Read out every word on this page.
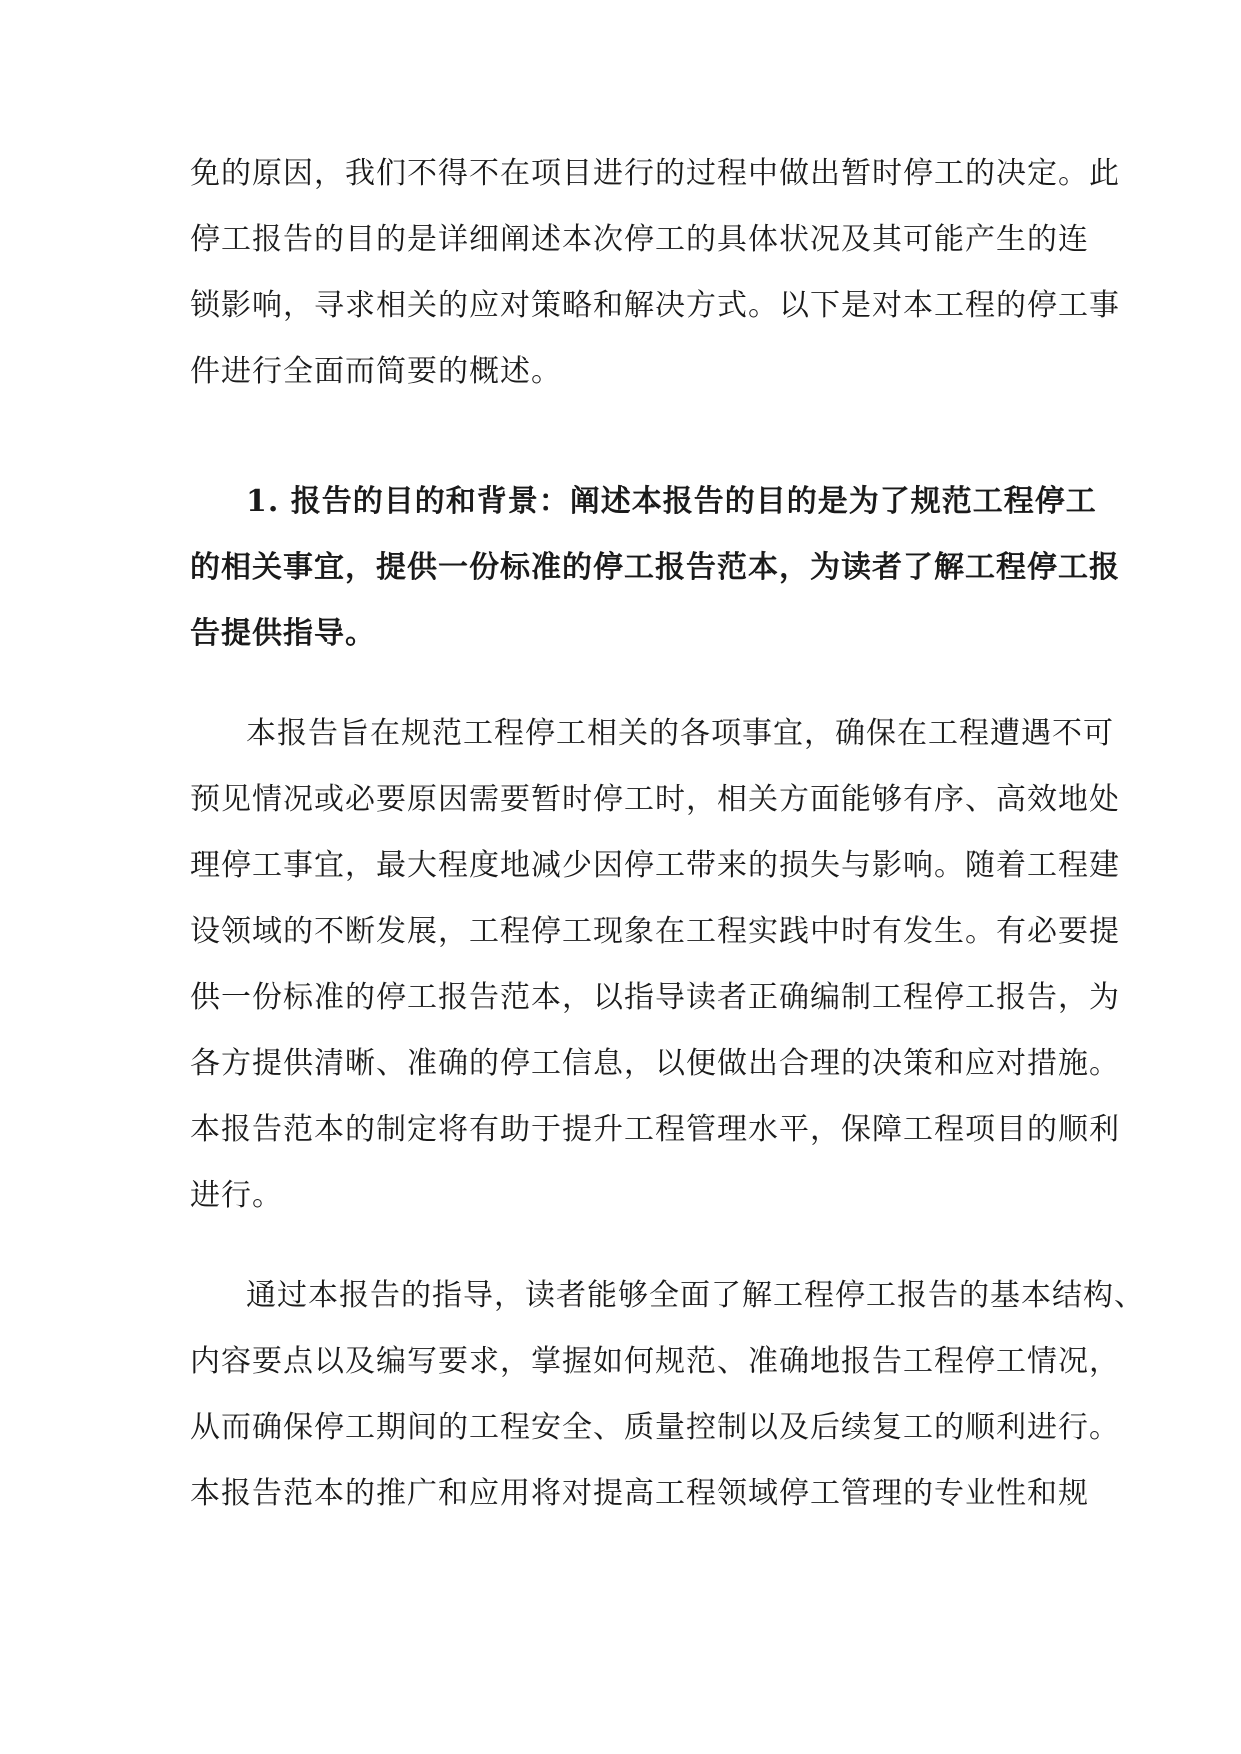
免的原因，我们不得不在项目进行的过程中做出暂时停工的决定。此
停工报告的目的是详细阐述本次停工的具体状况及其可能产生的连
锁影响，寻求相关的应对策略和解决方式。以下是对本工程的停工事
件进行全面而简要的概述。
1. 报告的目的和背景：阐述本报告的目的是为了规范工程停工
的相关事宜，提供一份标准的停工报告范本，为读者了解工程停工报
告提供指导。
本报告旨在规范工程停工相关的各项事宜，确保在工程遭遇不可
预见情况或必要原因需要暂时停工时，相关方面能够有序、高效地处
理停工事宜，最大程度地减少因停工带来的损失与影响。随着工程建
设领域的不断发展，工程停工现象在工程实践中时有发生。有必要提
供一份标准的停工报告范本，以指导读者正确编制工程停工报告，为
各方提供清晰、准确的停工信息，以便做出合理的决策和应对措施。
本报告范本的制定将有助于提升工程管理水平，保障工程项目的顺利
进行。
通过本报告的指导，读者能够全面了解工程停工报告的基本结构、
内容要点以及编写要求，掌握如何规范、准确地报告工程停工情况，
从而确保停工期间的工程安全、质量控制以及后续复工的顺利进行。
本报告范本的推广和应用将对提高工程领域停工管理的专业性和规
